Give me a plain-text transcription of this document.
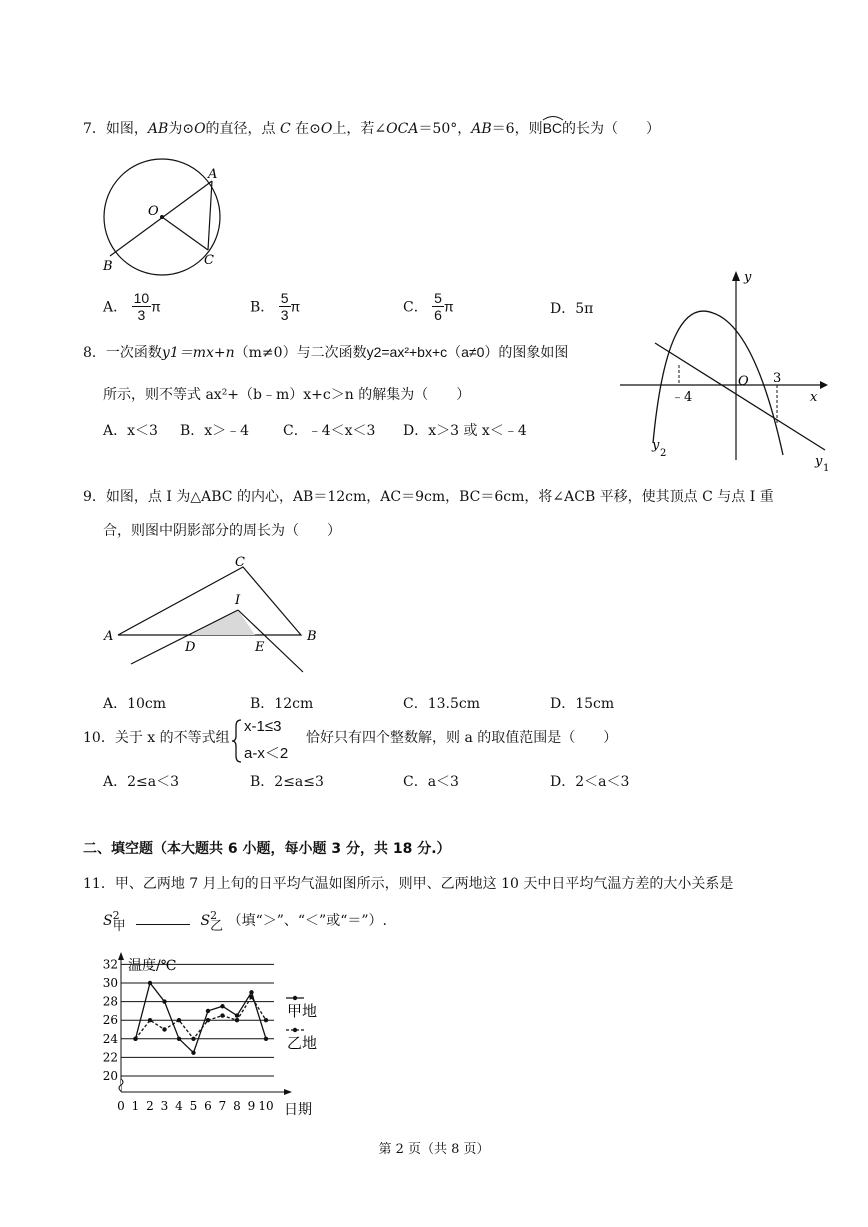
7．如图，AB为⊙O的直径，点 C 在⊙O上，若∠OCA＝50°，AB＝6，则
BC的长为（　　）
A
O
B	C
A． $\frac{10}{3}$ π	B． $\frac{5}{3}$ π	C． $\frac{5}{6}$ π	D．5π
8．一次函数y1＝mx+n（m≠0）与二次函数y2=ax²+bx+c（a≠0）的图象如图
所示，则不等式 ax²+（b﹣m）x+c＞n 的解集为（　　）
A．x＜3 B．x＞﹣4 C．﹣4＜x＜3 D．x＞3 或 x＜﹣4
y
x
O
﹣4
3
y 1
y
2
9．如图，点 I 为△ABC 的内心，AB＝12cm，AC＝9cm，BC＝6cm，将∠ACB 平移，使其顶点 C 与点 I 重
合，则图中阴影部分的周长为（　　）
A	B
C
I
D	E
A．10cm	B．12cm	C．13.5cm	D．15cm
10．关于 x 的不等式组
x-1≤3
a-x＜2
恰好只有四个整数解，则 a 的取值范围是（　　）
A．2≤a＜3	B．2≤a≤3	C．a＜3	D．2＜a＜3
二、填空题（本大题共 6 小题，每小题 3 分，共 18 分.）
11．甲、乙两地 7 月上旬的日平均气温如图所示，则甲、乙两地这 10 天中日平均气温方差的大小关系是
S 2
甲	S 2
乙 （填“＞”、“＜”或“＝”）.
20
22
24
26
28
30
32
0 1 2 3 4 5 6 7 8 9 10
温度/℃
日期
甲地
乙地
第 2 页（共 8 页）
